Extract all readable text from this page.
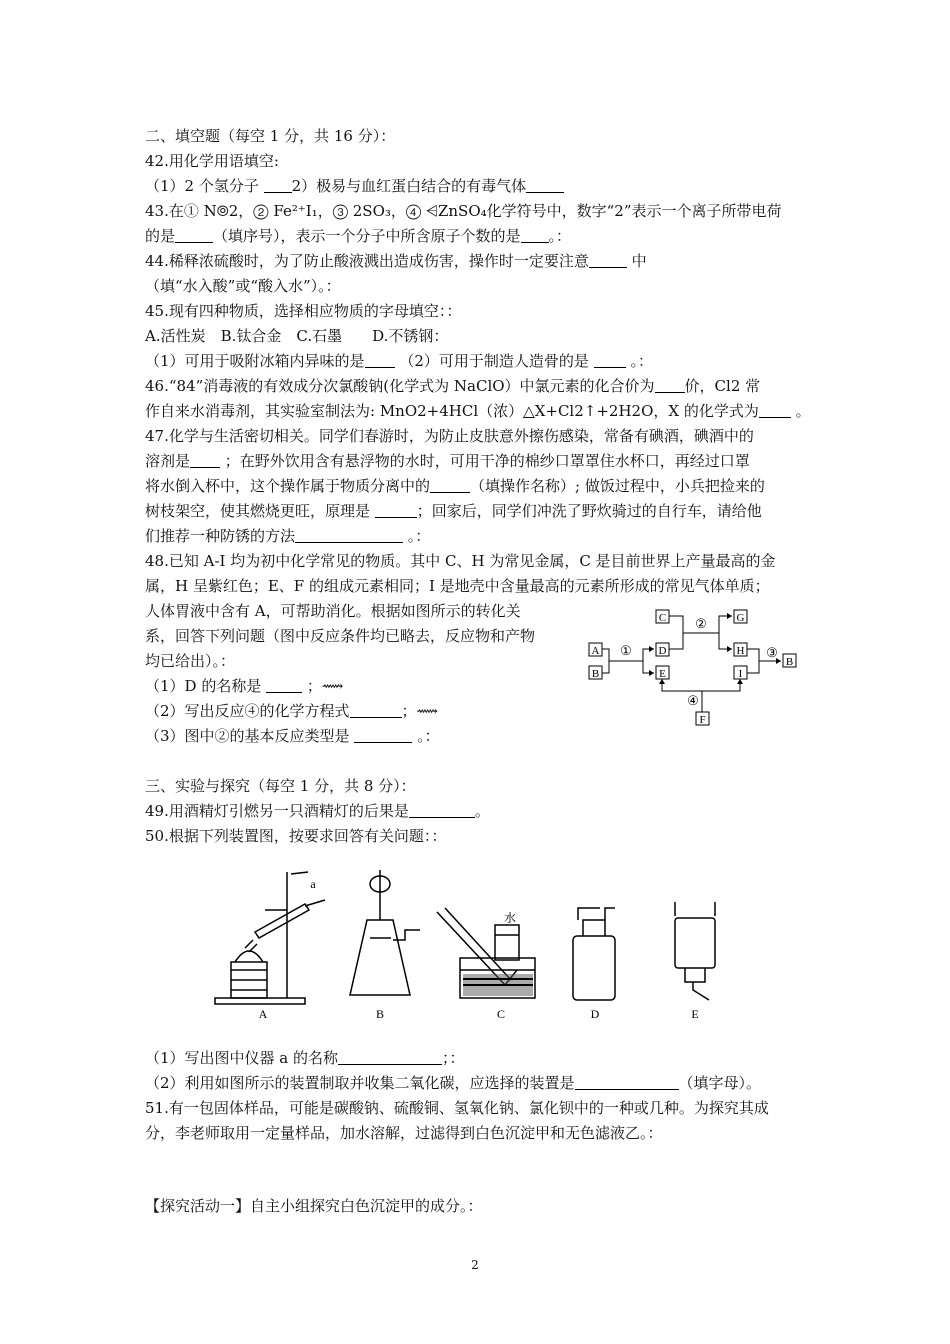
二、填空题（每空 1 分，共 16 分）：
42.用化学用语填空:
（1）2 个氢分子 2）极易与血红蛋白结合的有毒气体
43.在① N⦾2，② Fe²⁺I₁，③ 2SO₃，④ ⩤ZnSO₄化学符号中，数字“2”表示一个离子所带电荷
的是	（填序号），表示一个分子中所含原子个数的是 。：
44.稀释浓硫酸时，为了防止酸液溅出造成伤害，操作时一定要注意	中
（填“水入酸”或“酸入水”）。：
45.现有四种物质，选择相应物质的字母填空：：
A.活性炭　B.钛合金　C.石墨　　D.不锈钢：
（1）可用于吸附冰箱内异味的是 （2）可用于制造人造骨的是	。：
46.“84”消毒液的有效成分次氯酸钠(化学式为 NaClO）中氯元素的化合价为 价，Cl2 常
作自来水消毒剂，其实验室制法为: MnO2+4HCl（浓）△X+Cl2↑+2H2O，X 的化学式为 。
47.化学与生活密切相关。同学们春游时，为防止皮肤意外擦伤感染，常备有碘酒，碘酒中的
溶剂是 ；在野外饮用含有悬浮物的水时，可用干净的棉纱口罩罩住水杯口，再经过口罩
将水倒入杯中，这个操作属于物质分离中的	（填操作名称）; 做饭过程中，小兵把捡来的
树枝架空，使其燃烧更旺，原理是	；回家后，同学们冲洗了野炊骑过的自行车，请给他
们推荐一种防锈的方法	。：
48.已知 A-I 均为初中化学常见的物质。其中 C、H 为常见金属，C 是目前世界上产量最高的金
属，H 呈紫红色；E、F 的组成元素相同；I 是地壳中含量最高的元素所形成的常见气体单质；
人体胃液中含有 A，可帮助消化。根据如图所示的转化关
系，回答下列问题（图中反应条件均已略去，反应物和产物
均已给出）。：
（1）D 的名称是	；⟿
（2）写出反应④的化学方程式	；⟿
（3）图中②的基本反应类型是	。：
A
B
C
D
E
G
H
I
B
F
①
②
③
④
三、实验与探究（每空 1 分，共 8 分）：
49.用酒精灯引燃另一只酒精灯的后果是	。
50.根据下列装置图，按要求回答有关问题：：
a
水
A	B	C	D	E
（1）写出图中仪器 a 的名称	；：
（2）利用如图所示的装置制取并收集二氧化碳，应选择的装置是	（填字母）。
51.有一包固体样品，可能是碳酸钠、硫酸铜、氢氧化钠、氯化钡中的一种或几种。为探究其成
分，李老师取用一定量样品，加水溶解，过滤得到白色沉淀甲和无色滤液乙。：
【探究活动一】自主小组探究白色沉淀甲的成分。：
2
